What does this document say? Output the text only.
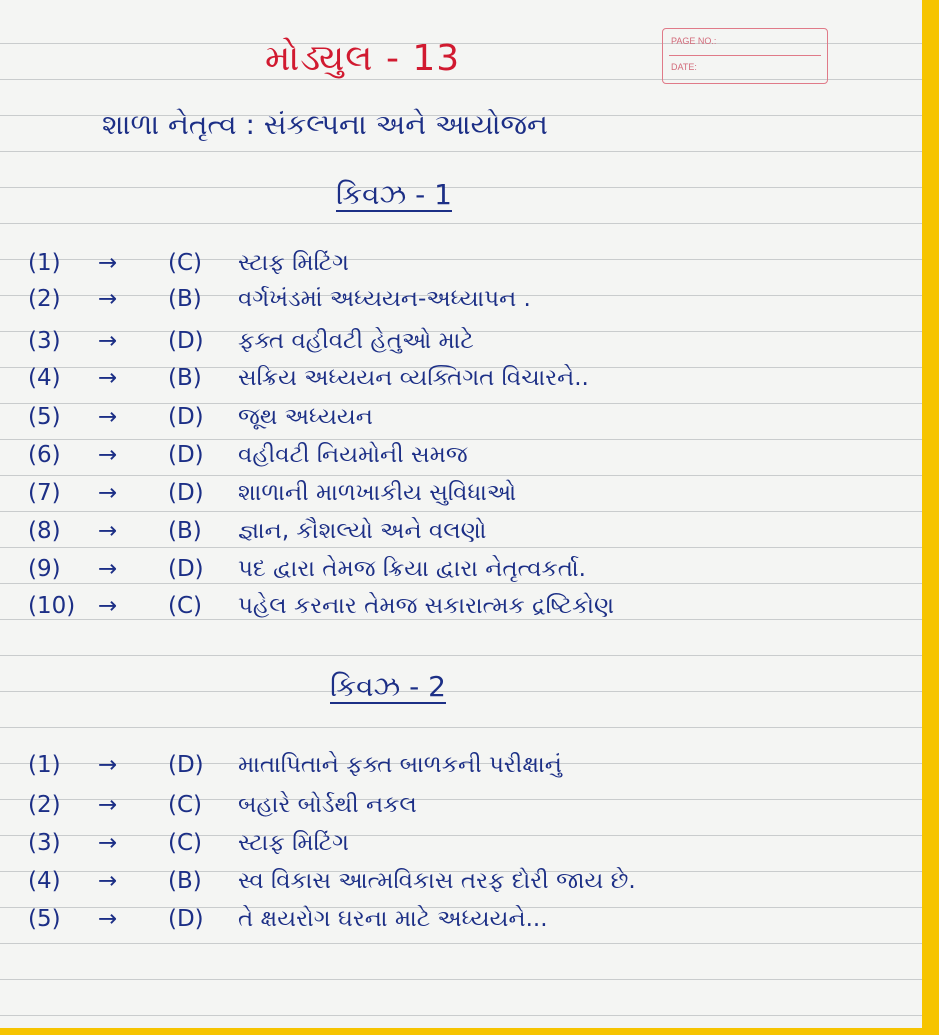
PAGE NO.:
DATE:
મોડ્યુલ - 13
શાળા નેતૃત્વ : સંકલ્પના અને આયોજન
કિવઝ - 1
(1) → (C) સ્ટાફ મિટિંગ
(2) → (B) વર્ગખંડમાં અધ્યયન-અધ્યાપન .
(3) → (D) ફક્ત વહીવટી હેતુઓ માટે
(4) → (B) સક્રિય અધ્યયન વ્યક્તિગત વિચારને..
(5) → (D) જૂથ અધ્યયન
(6) → (D) વહીવટી નિયમોની સમજ
(7) → (D) શાળાની માળખાકીય સુવિધાઓ
(8) → (B) જ્ઞાન, કૌશલ્યો અને વલણો
(9) → (D) પદ દ્વારા તેમજ ક્રિયા દ્વારા નેતૃત્વકર્તા.
(10) → (C) પહેલ કરનાર તેમજ સકારાત્મક દ્રષ્ટિકોણ
કિવઝ - 2
(1) → (D) માતાપિતાને ફક્ત બાળકની પરીક્ષાનું
(2) → (C) બહારે બોર્ડથી નકલ
(3) → (C) સ્ટાફ મિટિંગ
(4) → (B) સ્વ વિકાસ આત્મવિકાસ તરફ દોરી જાય છે.
(5) → (D) તે ક્ષયરોગ ઘરના માટે અધ્યયને...
